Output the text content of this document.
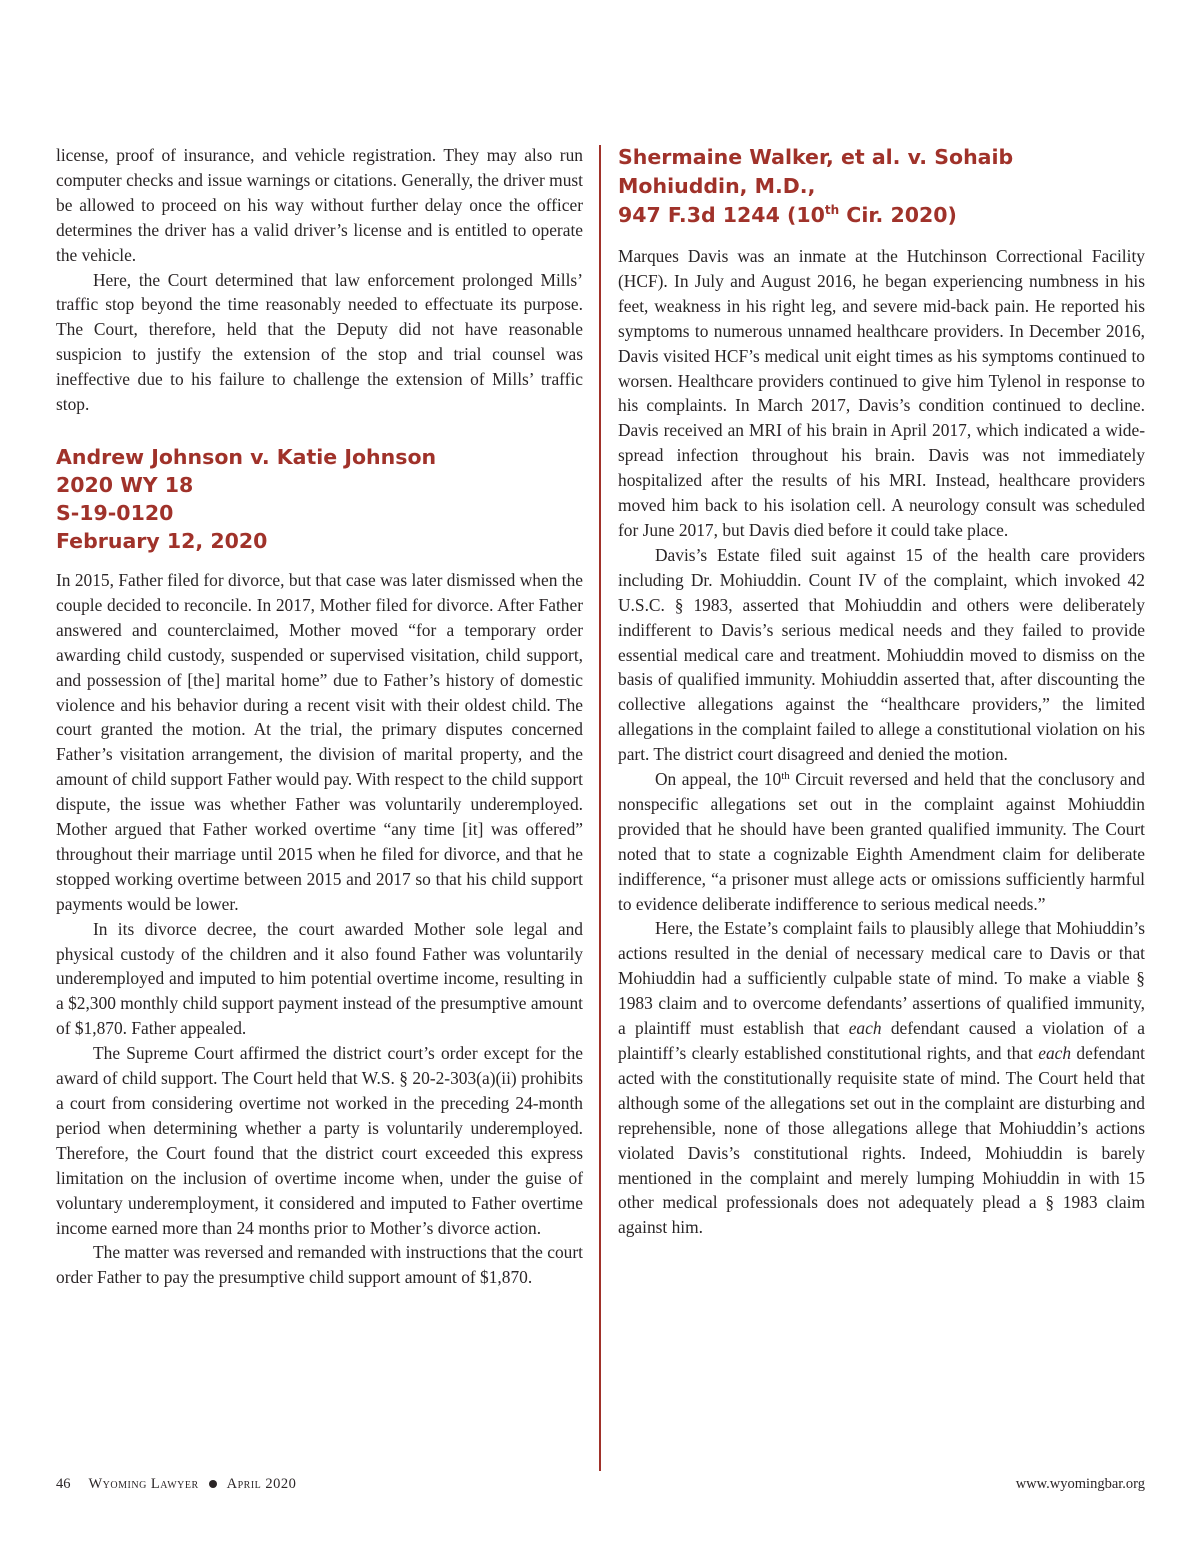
license, proof of insurance, and vehicle registration. They may also run computer checks and issue warnings or citations. Generally, the driver must be allowed to proceed on his way without further delay once the officer determines the driver has a valid driver’s license and is entitled to operate the vehicle.

Here, the Court determined that law enforcement prolonged Mills’ traffic stop beyond the time reasonably needed to effectuate its purpose. The Court, therefore, held that the Deputy did not have reasonable suspicion to justify the extension of the stop and trial counsel was ineffective due to his failure to challenge the extension of Mills’ traffic stop.

Andrew Johnson v. Katie Johnson
2020 WY 18
S-19-0120
February 12, 2020

In 2015, Father filed for divorce, but that case was later dismissed when the couple decided to reconcile. In 2017, Mother filed for divorce. After Father answered and counterclaimed, Mother moved “for a temporary order awarding child custody, suspended or supervised visitation, child support, and possession of [the] marital home” due to Father’s history of domestic violence and his behavior during a recent visit with their oldest child. The court granted the motion. At the trial, the primary disputes concerned Father’s visitation arrangement, the division of marital property, and the amount of child support Father would pay. With respect to the child support dispute, the issue was whether Father was voluntarily underemployed. Mother argued that Father worked overtime “any time [it] was offered” throughout their marriage until 2015 when he filed for divorce, and that he stopped working overtime between 2015 and 2017 so that his child support payments would be lower.

In its divorce decree, the court awarded Mother sole legal and physical custody of the children and it also found Father was voluntarily underemployed and imputed to him potential overtime income, resulting in a $2,300 monthly child support payment instead of the presumptive amount of $1,870. Father appealed.

The Supreme Court affirmed the district court’s order except for the award of child support. The Court held that W.S. § 20-2-303(a)(ii) prohibits a court from considering overtime not worked in the preceding 24-month period when determining whether a party is voluntarily underemployed. Therefore, the Court found that the district court exceeded this express limitation on the inclusion of overtime income when, under the guise of voluntary underemployment, it considered and imputed to Father overtime income earned more than 24 months prior to Mother’s divorce action.

The matter was reversed and remanded with instructions that the court order Father to pay the presumptive child support amount of $1,870.

Shermaine Walker, et al. v. Sohaib Mohiuddin, M.D.,
947 F.3d 1244 (10th Cir. 2020)

Marques Davis was an inmate at the Hutchinson Correctional Facility (HCF). In July and August 2016, he began experiencing numbness in his feet, weakness in his right leg, and severe mid-back pain. He reported his symptoms to numerous unnamed healthcare providers. In December 2016, Davis visited HCF’s medical unit eight times as his symptoms continued to worsen. Healthcare providers continued to give him Tylenol in response to his complaints. In March 2017, Davis’s condition continued to decline. Davis received an MRI of his brain in April 2017, which indicated a widespread infection throughout his brain. Davis was not immediately hospitalized after the results of his MRI. Instead, healthcare providers moved him back to his isolation cell. A neurology consult was scheduled for June 2017, but Davis died before it could take place.

Davis’s Estate filed suit against 15 of the health care providers including Dr. Mohiuddin. Count IV of the complaint, which invoked 42 U.S.C. § 1983, asserted that Mohiuddin and others were deliberately indifferent to Davis’s serious medical needs and they failed to provide essential medical care and treatment. Mohiuddin moved to dismiss on the basis of qualified immunity. Mohiuddin asserted that, after discounting the collective allegations against the “healthcare providers,” the limited allegations in the complaint failed to allege a constitutional violation on his part. The district court disagreed and denied the motion.

On appeal, the 10th Circuit reversed and held that the conclusory and nonspecific allegations set out in the complaint against Mohiuddin provided that he should have been granted qualified immunity. The Court noted that to state a cognizable Eighth Amendment claim for deliberate indifference, “a prisoner must allege acts or omissions sufficiently harmful to evidence deliberate indifference to serious medical needs.”

Here, the Estate’s complaint fails to plausibly allege that Mohiuddin’s actions resulted in the denial of necessary medical care to Davis or that Mohiuddin had a sufficiently culpable state of mind. To make a viable § 1983 claim and to overcome defendants’ assertions of qualified immunity, a plaintiff must establish that each defendant caused a violation of a plaintiff’s clearly established constitutional rights, and that each defendant acted with the constitutionally requisite state of mind. The Court held that although some of the allegations set out in the complaint are disturbing and reprehensible, none of those allegations allege that Mohiuddin’s actions violated Davis’s constitutional rights. Indeed, Mohiuddin is barely mentioned in the complaint and merely lumping Mohiuddin in with 15 other medical professionals does not adequately plead a § 1983 claim against him.

46 Wyoming Lawyer April 2020	www.wyomingbar.org
